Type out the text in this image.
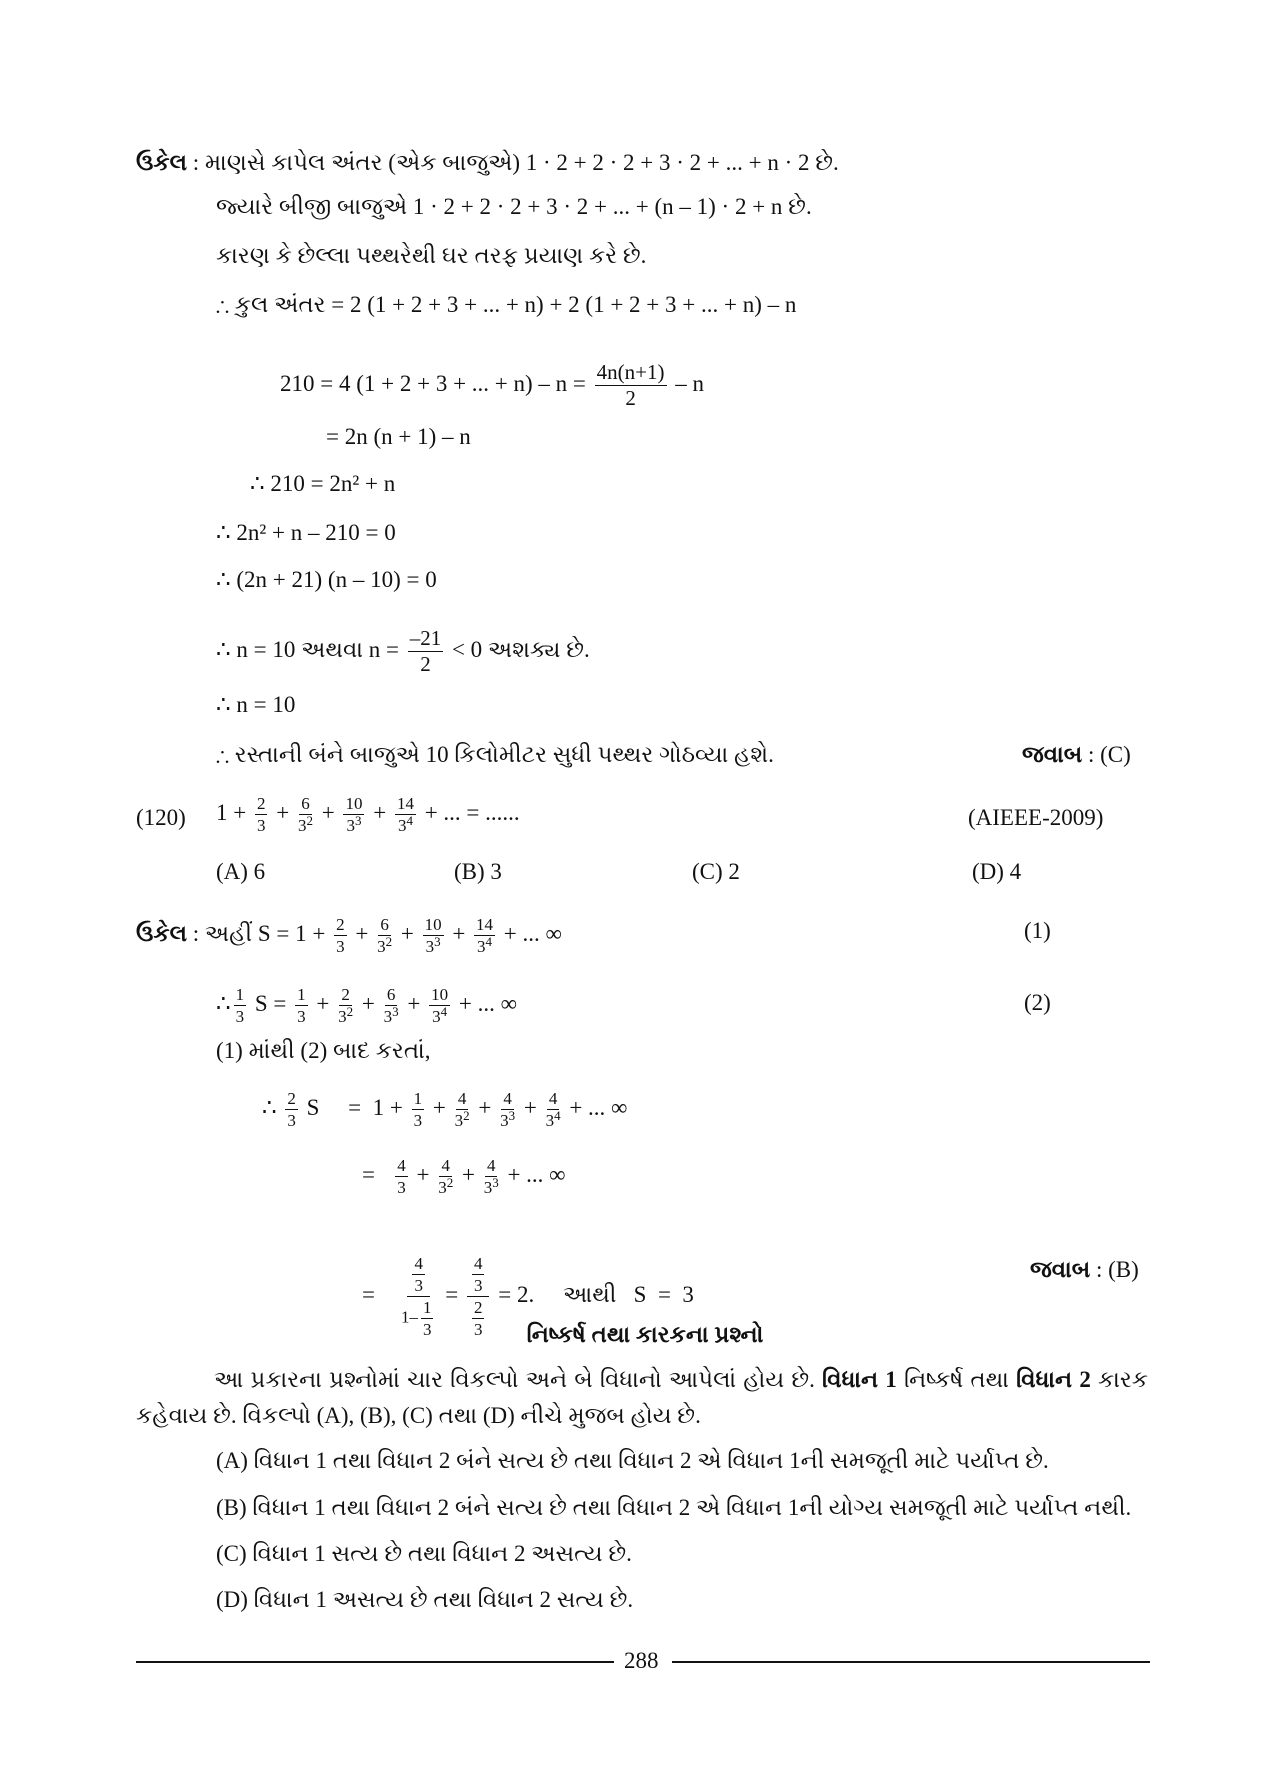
ઉકેલ : માણસે કાપેલ અંતર (એક બાજુએ) 1 · 2 + 2 · 2 + 3 · 2 + ... + n · 2 છે.
જ્યારે બીજી બાજુએ 1 · 2 + 2 · 2 + 3 · 2 + ... + (n – 1) · 2 + n છે.
કારણ કે છેલ્લા પથ્થરેથી ઘર તરફ પ્રયાણ કરે છે.
∴ કુલ અંતર = 2 (1 + 2 + 3 + ... + n) + 2 (1 + 2 + 3 + ... + n) – n
210 = 4 (1 + 2 + 3 + ... + $n) - n = \frac{4n(n+1)}{2} - n$
= 2n (n + 1) – n
∴ 210 = 2n² + n
∴ 2n² + n – 210 = 0
∴ (2n + 21) (n – 10) = 0
∴ n = 10 અથવા $n = \frac{-21}{2} < 0$ અશક્ય છે.
∴ n = 10
∴ રસ્તાની બંને બાજુએ 10 કિલોમીટર સુધી પથ્થર ગોઠવ્યા હશે.	જવાબ : (C)
(120) $1 + \frac{2}{3} + \frac{6}{3^2} + \frac{10}{3^3} + \frac{14}{3^4}$ + ... = ......	(AIEEE-2009)
(A) 6	(B) 3	(C) 2	(D) 4
ઉકેલ : અહીં $S = 1 + \frac{2}{3} + \frac{6}{3^2} + \frac{10}{3^3} + \frac{14}{3^4}$ + ... ∞	(1)
∴ $\frac{1}{3}$ $S = \frac{1}{3} + \frac{2}{3^2} + \frac{6}{3^3} + \frac{10}{3^4}$ + ... ∞	(2)
(1) માંથી (2) બાદ કરતાં,
∴ $\frac{2}{3}$ S     =  $1 + \frac{1}{3} + \frac{4}{3^2} + \frac{4}{3^3} + \frac{4}{3^4}$ + ... ∞
= $\frac{4}{3} + \frac{4}{3^2} + \frac{4}{3^3}$ + ... ∞
= $\frac{\frac{4}{3}}{1- \frac{1}{3}} = \frac{\frac{4}{3}}{\frac{2}{3}} = 2$.     આથી   S  =  3
જવાબ : (B)
નિષ્કર્ષ તથા કારકના પ્રશ્નો
આ પ્રકારના પ્રશ્નોમાં ચાર વિકલ્પો અને બે વિધાનો આપેલાં હોય છે. વિધાન 1 નિષ્કર્ષ તથા વિધાન 2 કારક કહેવાય છે. વિકલ્પો (A), (B), (C) તથા (D) નીચે મુજબ હોય છે.
(A) વિધાન 1 તથા વિધાન 2 બંને સત્ય છે તથા વિધાન 2 એ વિધાન 1ની સમજૂતી માટે પર્યાપ્ત છે.
(B) વિધાન 1 તથા વિધાન 2 બંને સત્ય છે તથા વિધાન 2 એ વિધાન 1ની યોગ્ય સમજૂતી માટે પર્યાપ્ત નથી.
(C) વિધાન 1 સત્ય છે તથા વિધાન 2 અસત્ય છે.
(D) વિધાન 1 અસત્ય છે તથા વિધાન 2 સત્ય છે.
288
